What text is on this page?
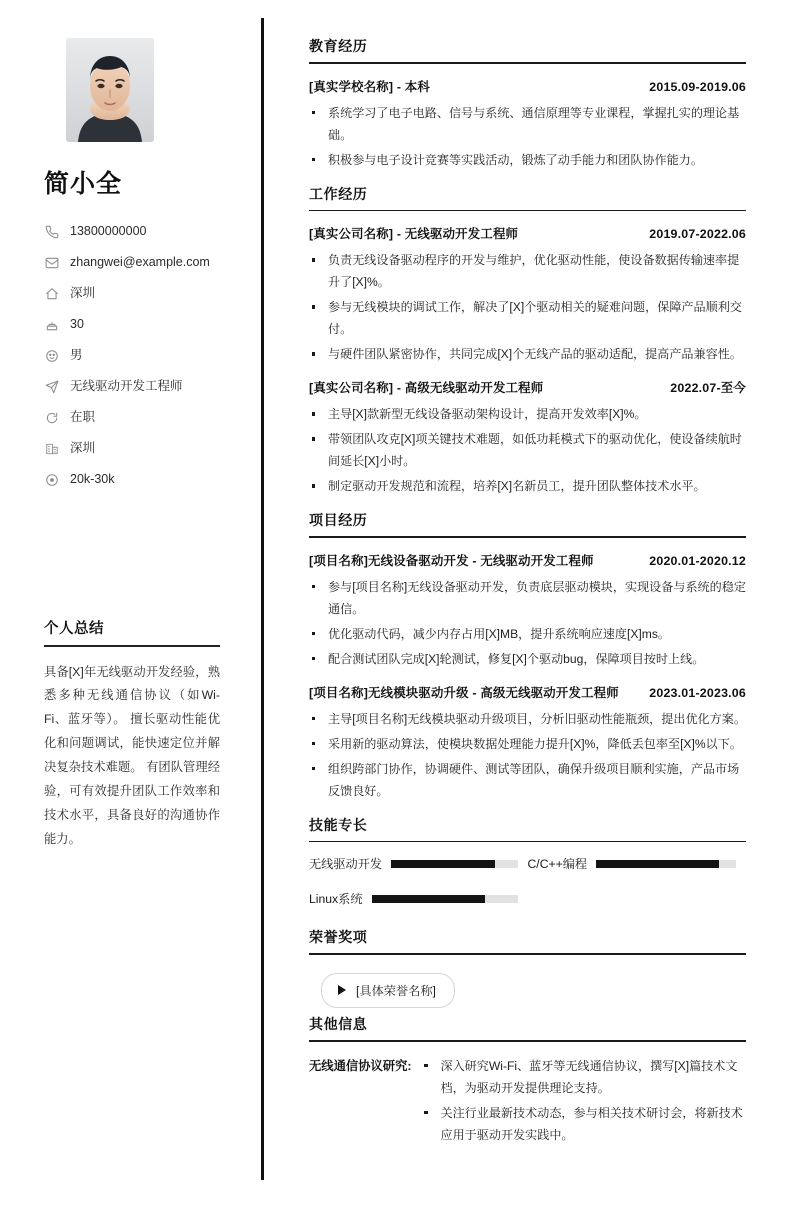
简小全
13800000000
zhangwei@example.com
深圳
30
男
无线驱动开发工程师
在职
深圳
20k-30k
个人总结

具备[X]年无线驱动开发经验，熟悉多种无线通信协议（如Wi-Fi、蓝牙等）。 擅长驱动性能优化和问题调试，能快速定位并解决复杂技术难题。 有团队管理经验，可有效提升团队工作效率和技术水平，具备良好的沟通协作能力。

教育经历
[真实学校名称] - 本科	2015.09-2019.06
系统学习了电子电路、信号与系统、通信原理等专业课程，掌握扎实的理论基础。
积极参与电子设计竞赛等实践活动，锻炼了动手能力和团队协作能力。
工作经历
[真实公司名称] - 无线驱动开发工程师	2019.07-2022.06
负责无线设备驱动程序的开发与维护，优化驱动性能，使设备数据传输速率提升了[X]%。
参与无线模块的调试工作，解决了[X]个驱动相关的疑难问题，保障产品顺利交付。
与硬件团队紧密协作，共同完成[X]个无线产品的驱动适配，提高产品兼容性。
[真实公司名称] - 高级无线驱动开发工程师	2022.07-至今
主导[X]款新型无线设备驱动架构设计，提高开发效率[X]%。
带领团队攻克[X]项关键技术难题，如低功耗模式下的驱动优化，使设备续航时间延长[X]小时。
制定驱动开发规范和流程，培养[X]名新员工，提升团队整体技术水平。
项目经历
[项目名称]无线设备驱动开发 - 无线驱动开发工程师	2020.01-2020.12
参与[项目名称]无线设备驱动开发，负责底层驱动模块，实现设备与系统的稳定通信。
优化驱动代码，减少内存占用[X]MB，提升系统响应速度[X]ms。
配合测试团队完成[X]轮测试，修复[X]个驱动bug，保障项目按时上线。
[项目名称]无线模块驱动升级 - 高级无线驱动开发工程师 2023.01-2023.06
主导[项目名称]无线模块驱动升级项目，分析旧驱动性能瓶颈，提出优化方案。
采用新的驱动算法，使模块数据处理能力提升[X]%，降低丢包率至[X]%以下。
组织跨部门协作，协调硬件、测试等团队，确保升级项目顺利实施，产品市场反馈良好。
技能专长
无线驱动开发	C/C++编程
Linux系统
荣誉奖项
[具体荣誉名称]
其他信息
无线通信协议研究:	深入研究Wi-Fi、蓝牙等无线通信协议，撰写[X]篇技术文档，为驱动开发提供理论支持。
关注行业最新技术动态，参与相关技术研讨会，将新技术应用于驱动开发实践中。
